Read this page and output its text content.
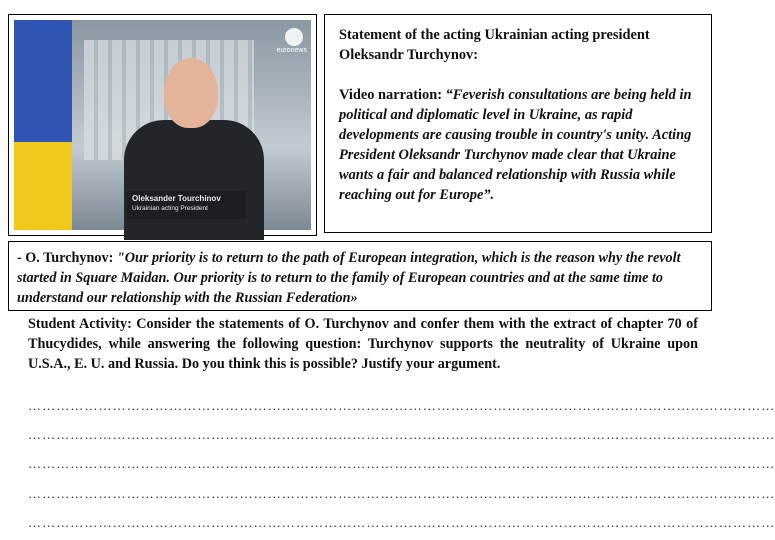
euronews
Oleksander Tourchinov
Ukrainian acting President

Statement of the acting Ukrainian acting president Oleksandr Turchynov:

Video narration: “Feverish consultations are being held in political and diplomatic level in Ukraine, as rapid developments are causing trouble in country's unity. Acting President Oleksandr Turchynov made clear that Ukraine wants a fair and balanced relationship with Russia while reaching out for Europe”.

- O. Turchynov: "Our priority is to return to the path of European integration, which is the reason why the revolt started in Square Maidan. Our priority is to return to the family of European countries and at the same time to understand our relationship with the Russian Federation»

Student Activity: Consider the statements of O. Turchynov and confer them with the extract of chapter 70 of Thucydides, while answering the following question: Turchynov supports the neutrality of Ukraine upon U.S.A., E. U. and Russia. Do you think this is possible? Justify your argument.

……………………………………………………………………………………………………………………………………………
……………………………………………………………………………………………………………………………………………
……………………………………………………………………………………………………………………………………………
……………………………………………………………………………………………………………………………………………
……………………………………………………………………………………………………………………………………………
